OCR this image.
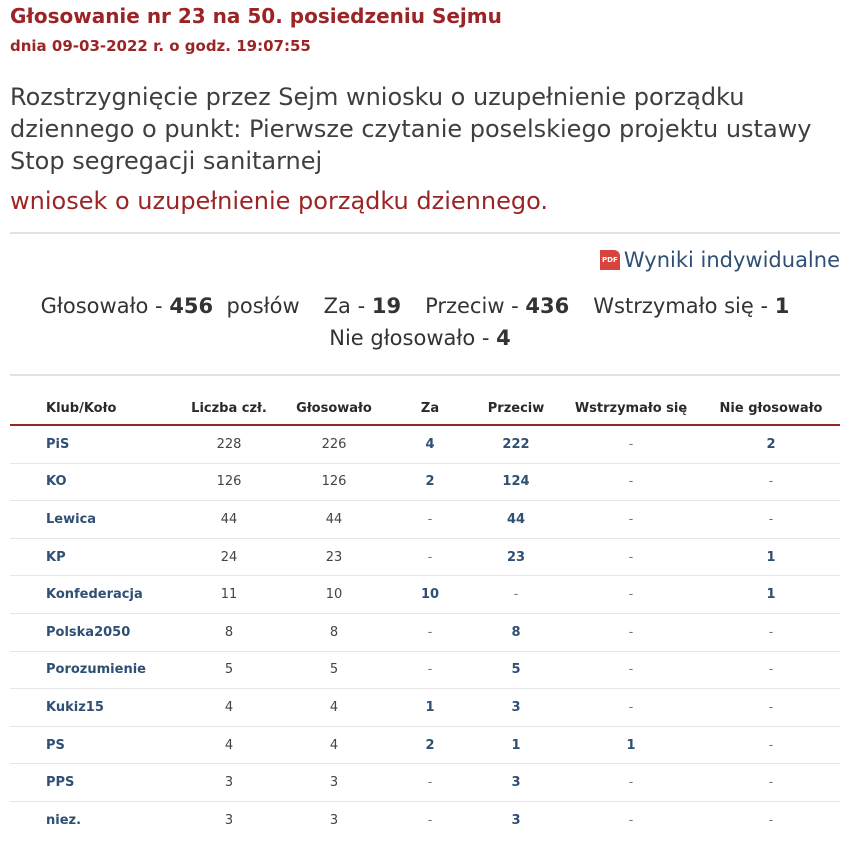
Głosowanie nr 23 na 50. posiedzeniu Sejmu
dnia 09-03-2022 r. o godz. 19:07:55
Rozstrzygnięcie przez Sejm wniosku o uzupełnienie porządku dziennego o punkt: Pierwsze czytanie poselskiego projektu ustawy Stop segregacji sanitarnej
wniosek o uzupełnienie porządku dziennego.
PDF Wyniki indywidualne
Głosowało - 456 posłów Za - 19 Przeciw - 436 Wstrzymało się - 1
Nie głosowało - 4
Klub/Koło	Liczba czł.	Głosowało	Za	Przeciw	Wstrzymało się	Nie głosowało
PiS	228	226	4	222	-	2
KO	126	126	2	124	-	-
Lewica	44	44	-	44	-	-
KP	24	23	-	23	-	1
Konfederacja	11	10	10	-	-	1
Polska2050	8	8	-	8	-	-
Porozumienie	5	5	-	5	-	-
Kukiz15	4	4	1	3	-	-
PS	4	4	2	1	1	-
PPS	3	3	-	3	-	-
niez.	3	3	-	3	-	-
